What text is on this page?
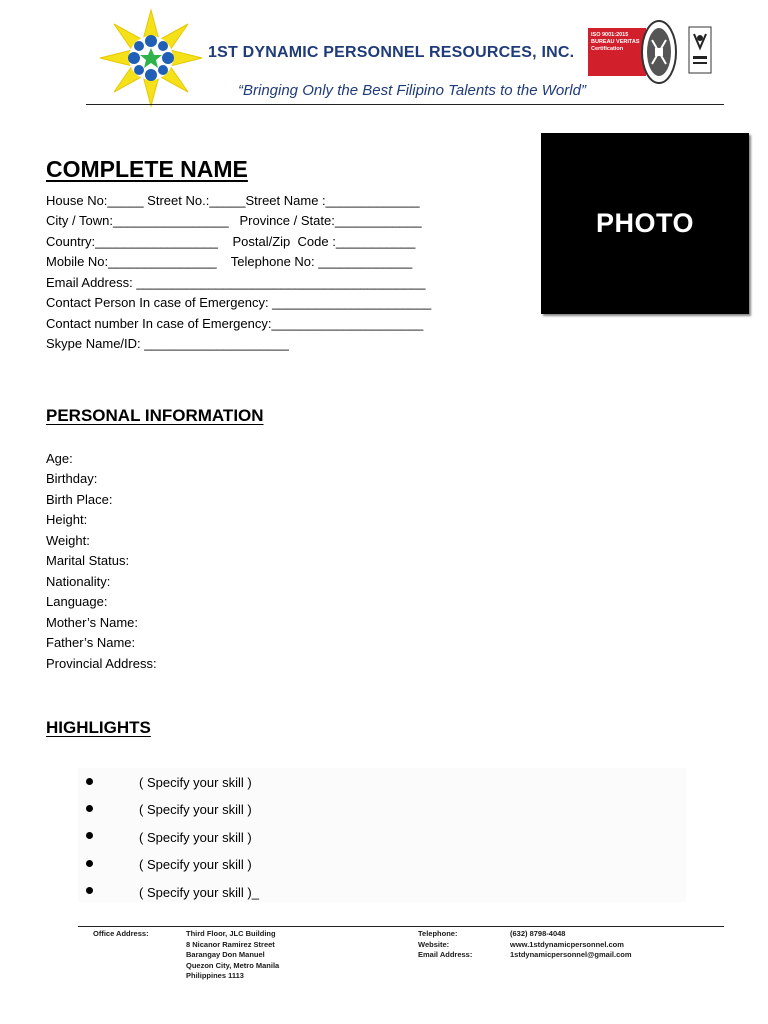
1ST DYNAMIC PERSONNEL RESOURCES, INC.
“Bringing Only the Best Filipino Talents to the World”
ISO 9001:2015
BUREAU VERITAS
Certification
PHOTO
COMPLETE NAME
House No:_____ Street No.:_____Street Name :_____________
City / Town:________________   Province / State:____________
Country:_________________    Postal/Zip  Code :___________
Mobile No:_______________    Telephone No: _____________
Email Address: ________________________________________
Contact Person In case of Emergency: ______________________
Contact number In case of Emergency:_____________________
Skype Name/ID: ____________________
PERSONAL INFORMATION
Age:
Birthday:
Birth Place:
Height:
Weight:
Marital Status:
Nationality:
Language:
Mother’s Name:
Father’s Name:
Provincial Address:
HIGHLIGHTS
( Specify your skill )
( Specify your skill )
( Specify your skill )
( Specify your skill )
( Specify your skill )_
Office Address:	Third Floor, JLC Building
8 Nicanor Ramirez Street
Barangay Don Manuel
Quezon City, Metro Manila
Philippines 1113
Telephone:
Website:
Email Address:
(632) 8798-4048
www.1stdynamicpersonnel.com
1stdynamicpersonnel@gmail.com
